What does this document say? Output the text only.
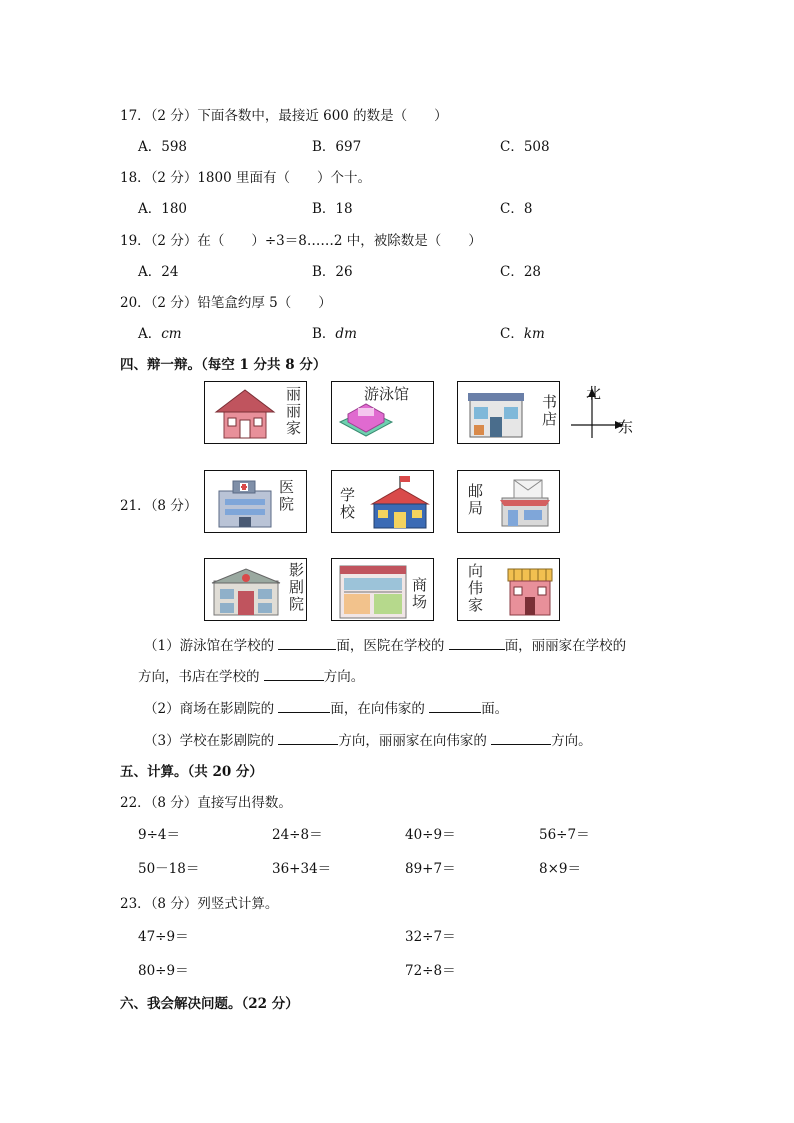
17．（2 分）下面各数中，最接近 600 的数是（　　）
A．598	B．697	C．508
18．（2 分）1800 里面有（　　）个十。
A．180	B．18	C．8
19．（2 分）在（　　）÷3＝8……2 中，被除数是（　　）
A．24	B．26	C．28
20．（2 分）铅笔盒约厚 5（　　）
A．cm	B．dm	C．km
四、辩一辩。（每空 1 分共 8 分）
丽
丽
家
游泳馆	书
店
北
东
医院	学
校
邮
局
影
剧
院
商
场
向
伟
家
21．（8 分）
（1）游泳馆在学校的	面，医院在学校的	面，丽丽家在学校的
方向，书店在学校的	方向。
（2）商场在影剧院的	面，在向伟家的	面。
（3）学校在影剧院的	方向，丽丽家在向伟家的	方向。
五、计算。（共 20 分）
22．（8 分）直接写出得数。
9÷4＝	24÷8＝	40÷9＝	56÷7＝
50－18＝	36+34＝	89+7＝	8×9＝
23．（8 分）列竖式计算。
47÷9＝	32÷7＝
80÷9＝	72÷8＝
六、我会解决问题。（22 分）
